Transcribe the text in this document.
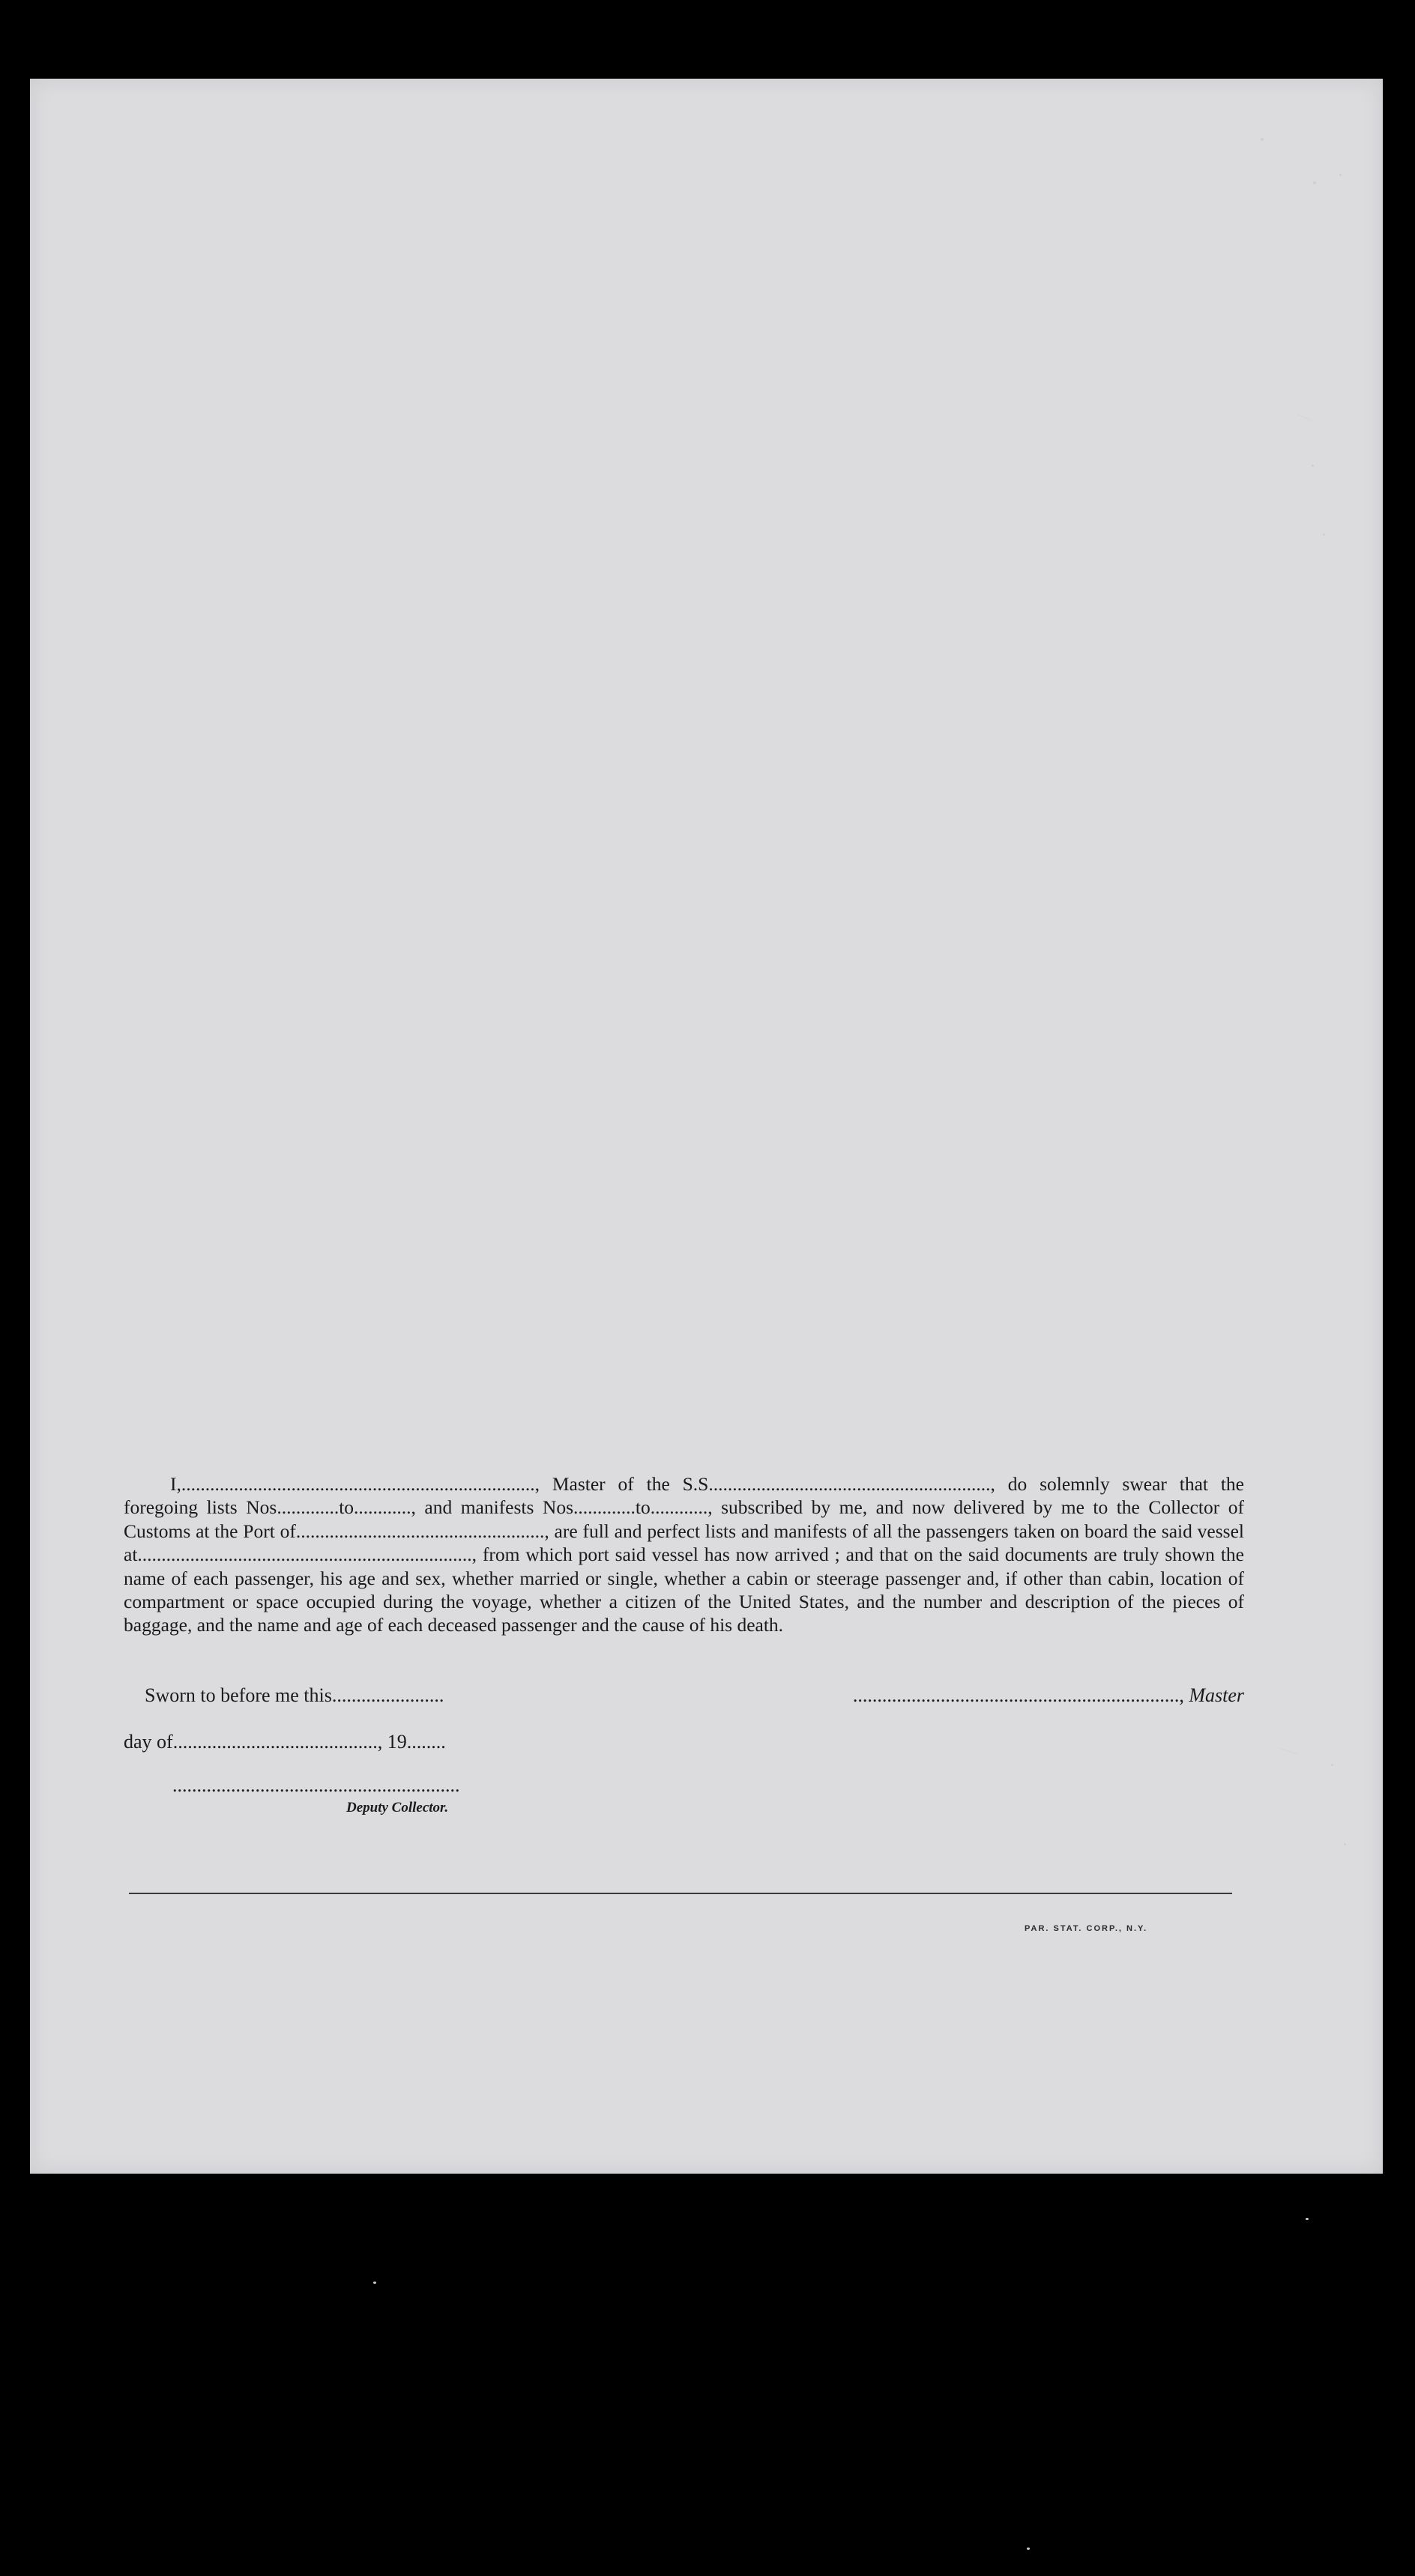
I,.........................................................................., Master of the S.S..........................................................., do solemnly swear that the foregoing lists Nos.............to............, and manifests Nos.............to............, subscribed by me, and now delivered by me to the Collector of Customs at the Port of...................................................., are full and perfect lists and manifests of all the passengers taken on board the said vessel at......................................................................, from which port said vessel has now arrived ; and that on the said documents are truly shown the name of each passenger, his age and sex, whether married or single, whether a cabin or steerage passenger and, if other than cabin, location of compartment or space occupied during the voyage, whether a citizen of the United States, and the number and description of the pieces of baggage, and the name and age of each deceased passenger and the cause of his death.

Sworn to before me this.......................	..................................................................., Master

day of.........................................., 19........

...........................................................

Deputy Collector.

PAR. STAT. CORP., N.Y.
